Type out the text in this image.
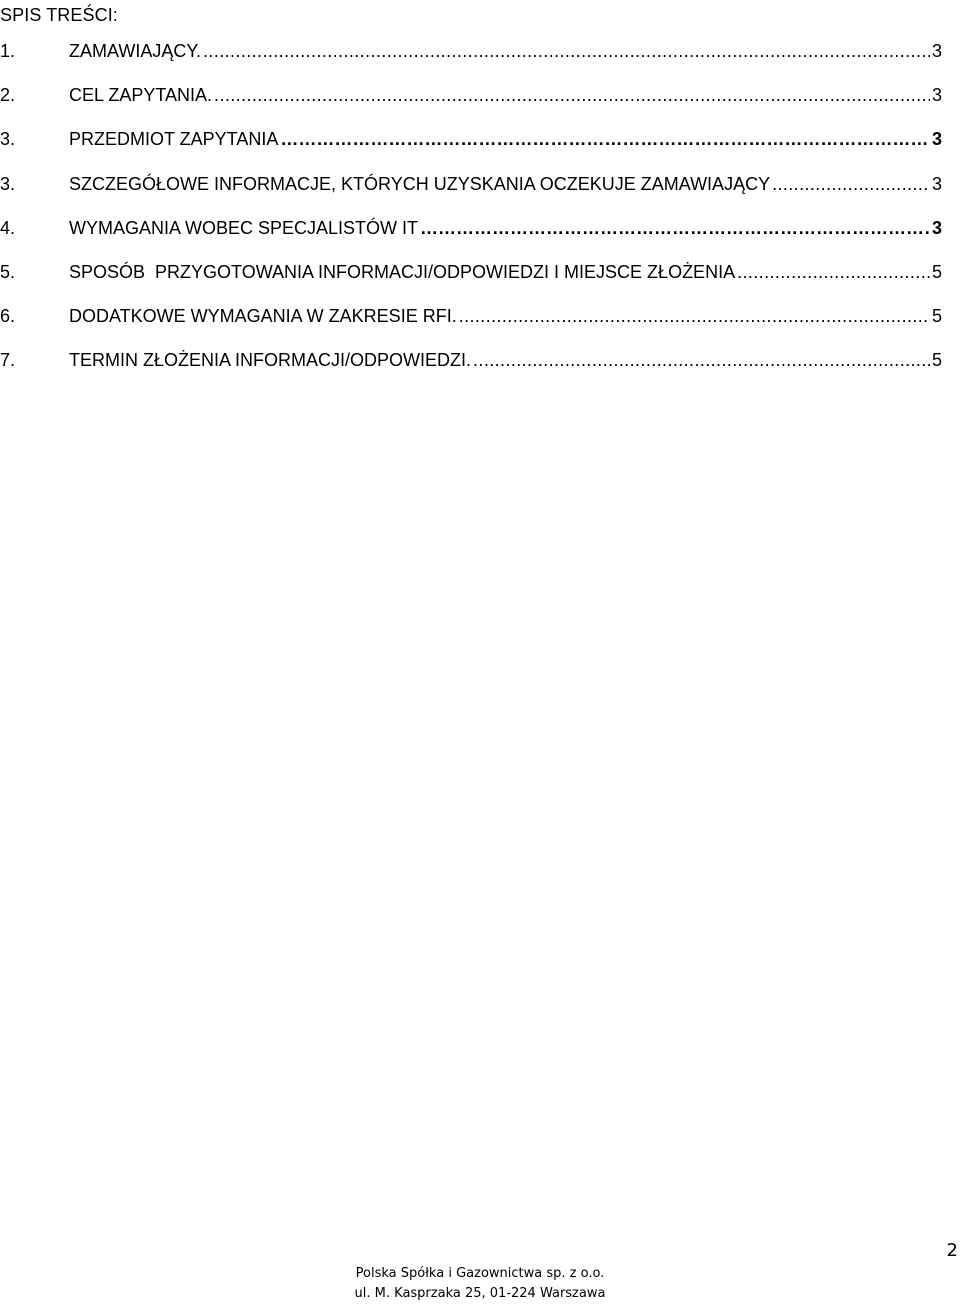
SPIS TREŚCI:
1.	ZAMAWIAJĄCY. .....	3
2.	CEL ZAPYTANIA. .....	3
3.	PRZEDMIOT ZAPYTANIA …………………………………………………………………………………………………………………………………………………………………………………………	3
3.	SZCZEGÓŁOWE INFORMACJE, KTÓRYCH UZYSKANIA OCZEKUJE ZAMAWIAJĄCY .....	3
4.	WYMAGANIA WOBEC SPECJALISTÓW IT …………………………………………………………………………………………………………………………………………………………………………………………	3
5.	SPOSÓB  PRZYGOTOWANIA INFORMACJI/ODPOWIEDZI I MIEJSCE ZŁOŻENIA .....	5
6.	DODATKOWE WYMAGANIA W ZAKRESIE RFI. .....	5
7.	TERMIN ZŁOŻENIA INFORMACJI/ODPOWIEDZI. .....	5
2
Polska Spółka i Gazownictwa sp. z o.o.
ul. M. Kasprzaka 25, 01-224 Warszawa
